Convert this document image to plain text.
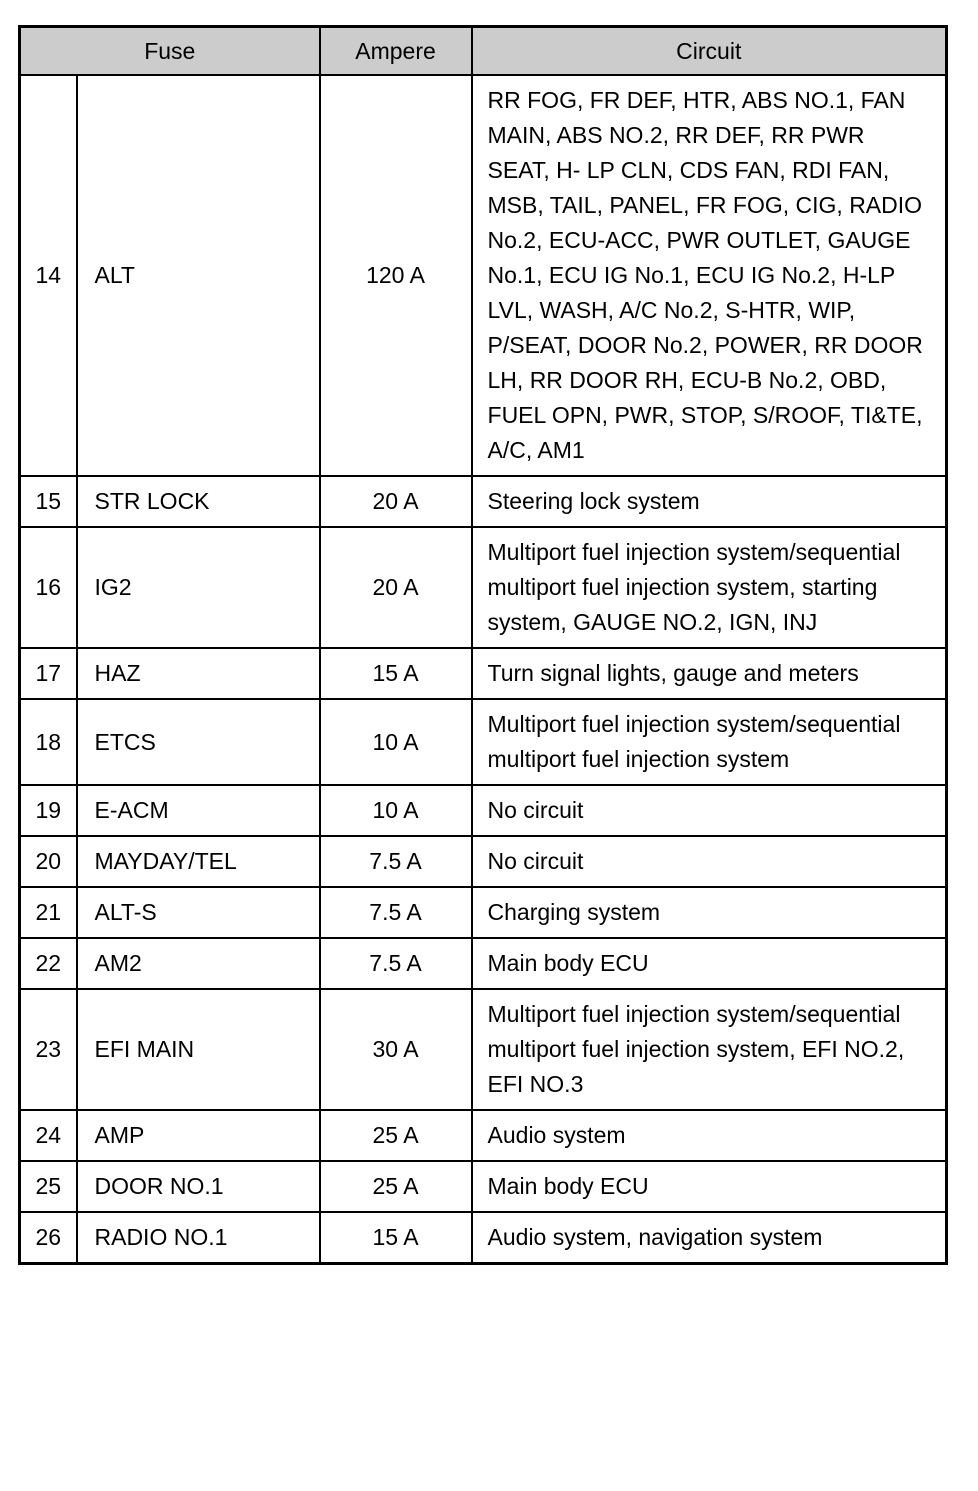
Fuse		Ampere	Circuit
14	ALT	120 A	RR FOG, FR DEF, HTR, ABS NO.1, FAN MAIN, ABS NO.2, RR DEF, RR PWR SEAT, H- LP CLN, CDS FAN, RDI FAN, MSB, TAIL, PANEL, FR FOG, CIG, RADIO No.2, ECU-ACC, PWR OUTLET, GAUGE No.1, ECU IG No.1, ECU IG No.2, H-LP LVL, WASH, A/C No.2, S-HTR, WIP, P/SEAT, DOOR No.2, POWER, RR DOOR LH, RR DOOR RH, ECU-B No.2, OBD, FUEL OPN, PWR, STOP, S/ROOF, TI&TE, A/C, AM1
15	STR LOCK	20 A	Steering lock system
16	IG2	20 A	Multiport fuel injection system/sequential multiport fuel injection system, starting system, GAUGE NO.2, IGN, INJ
17	HAZ	15 A	Turn signal lights, gauge and meters
18	ETCS	10 A	Multiport fuel injection system/sequential multiport fuel injection system
19	E-ACM	10 A	No circuit
20	MAYDAY/TEL	7.5 A	No circuit
21	ALT-S	7.5 A	Charging system
22	AM2	7.5 A	Main body ECU
23	EFI MAIN	30 A	Multiport fuel injection system/sequential multiport fuel injection system, EFI NO.2, EFI NO.3
24	AMP	25 A	Audio system
25	DOOR NO.1	25 A	Main body ECU
26	RADIO NO.1	15 A	Audio system, navigation system
